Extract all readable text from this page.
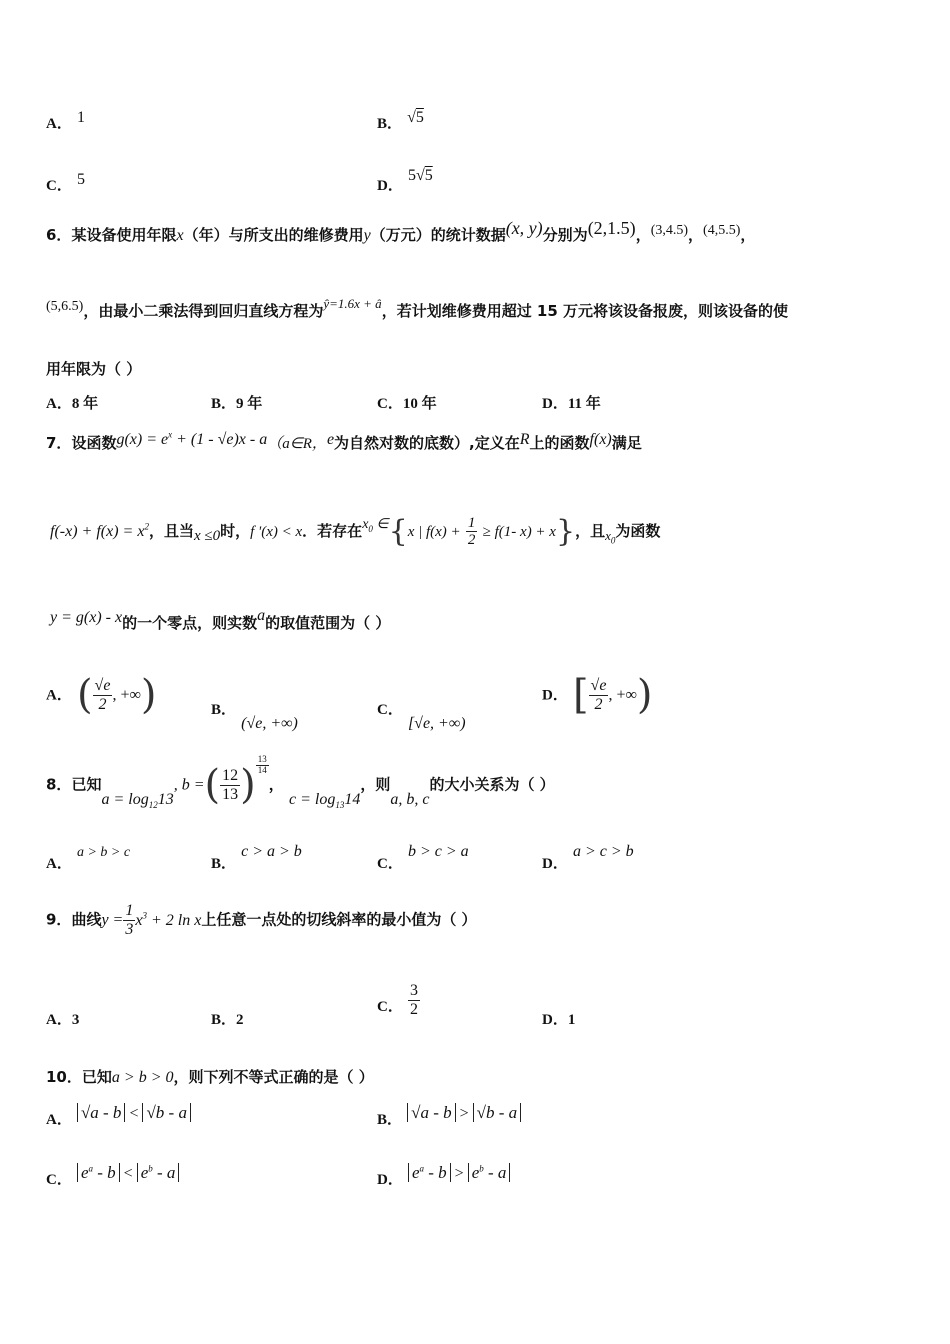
A． 1	B． √5
C． 5	D． 5√5
6．某设备使用年限x（年）与所支出的维修费用y（万元）的统计数据(x, y)分别为(2,1.5)，(3,4.5)，(4,5.5)，
(5,6.5)，由最小二乘法得到回归直线方程为ŷ=1.6x + â，若计划维修费用超过 15 万元将该设备报废，则该设备的使
用年限为（ ）
A．8 年	B．9 年	C．10 年	D．11 年
7．设函数$g(x) = e^x + (1 - √e)x$ - a（a∈R，e为自然对数的底数）,定义在R上的函数f(x)满足
$f(-x) + f(x) = x^2$，且当x ≤0时，f '(x) < x．若存在$x_0$ ∈{x | $f(x) + \frac{1}{2} \ge f(1-$ x) + x}，且$x_0$为函数
y = g(x) - x的一个零点，则实数a的取值范围为（ ）
A． ( $\frac{√e}{2}$ , +∞)	B． (√e, +∞)
C． [√e, +∞)
D． [ $\frac{√e}{2}$ , +∞)
8．已知$a = \log_{12}13$, b =( $\frac{12}{13}$ ) $\frac{13}{14}$
， $c = \log_{13}14$，则a, b, c的大小关系为（ ）
A． a > b > c
B． c > a > b
C． b > c > a
D． a > c > b
9．曲线$y = \frac{1}{3} x^3 + 2$ ln x上任意一点处的切线斜率的最小值为（ ）
A．3	B．2
C． $\frac{3}{2}$
D．1
10．已知a > b > 0，则下列不等式正确的是（ ）
A． √a - b < √b - a	B． √a - b > √b - a
C． $e^a - b < e^b - a$	D． $e^a - b > e^b - a$
